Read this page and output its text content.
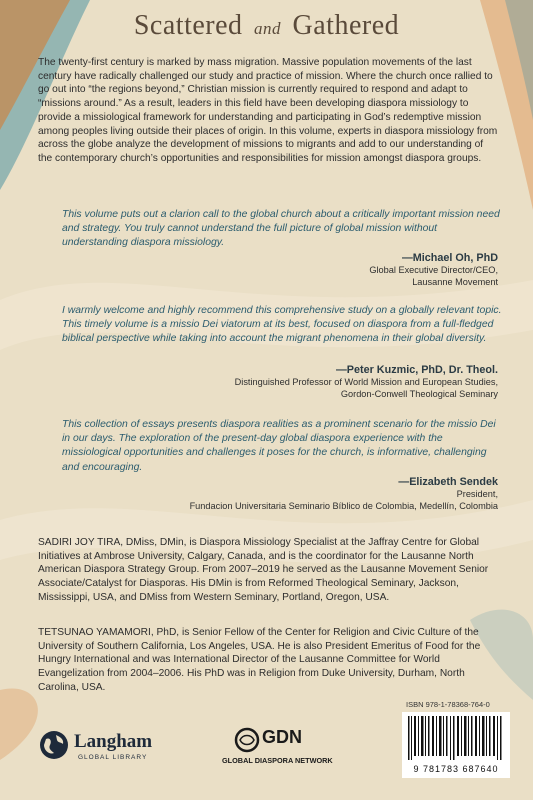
Scattered and Gathered
The twenty-first century is marked by mass migration. Massive population movements of the last century have radically challenged our study and practice of mission. Where the church once rallied to go out into “the regions beyond,” Christian mission is currently required to respond and adapt to “missions around.” As a result, leaders in this field have been developing diaspora missiology to provide a missiological framework for understanding and participating in God’s redemptive mission among peoples living outside their places of origin. In this volume, experts in diaspora missiology from across the globe analyze the development of missions to migrants and add to our understanding of the contemporary church’s opportunities and responsibilities for mission amongst diaspora groups.
This volume puts out a clarion call to the global church about a critically important mission need and strategy. You truly cannot understand the full picture of global mission without understanding diaspora missiology.
—Michael Oh, PhD
Global Executive Director/CEO,
Lausanne Movement
I warmly welcome and highly recommend this comprehensive study on a globally relevant topic. This timely volume is a missio Dei viatorum at its best, focused on diaspora from a full-fledged biblical perspective while taking into account the migrant phenomena in their global diversity.
—Peter Kuzmic, PhD, Dr. Theol.
Distinguished Professor of World Mission and European Studies,
Gordon-Conwell Theological Seminary
This collection of essays presents diaspora realities as a prominent scenario for the missio Dei in our days. The exploration of the present-day global diaspora experience with the missiological opportunities and challenges it poses for the church, is informative, challenging and encouraging.
—Elizabeth Sendek
President,
Fundacion Universitaria Seminario Bíblico de Colombia, Medellín, Colombia
SADIRI JOY TIRA, DMiss, DMin, is Diaspora Missiology Specialist at the Jaffray Centre for Global Initiatives at Ambrose University, Calgary, Canada, and is the coordinator for the Lausanne North American Diaspora Strategy Group. From 2007–2019 he served as the Lausanne Movement Senior Associate/Catalyst for Diasporas. His DMin is from Reformed Theological Seminary, Jackson, Mississippi, USA, and DMiss from Western Seminary, Portland, Oregon, USA.
TETSUNAO YAMAMORI, PhD, is Senior Fellow of the Center for Religion and Civic Culture of the University of Southern California, Los Angeles, USA. He is also President Emeritus of Food for the Hungry International and was International Director of the Lausanne Committee for World Evangelization from 2004–2006. His PhD was in Religion from Duke University, Durham, North Carolina, USA.
Langham
GLOBAL LIBRARY
GDN
GLOBAL DIASPORA NETWORK
ISBN 978-1-78368-764-0
9 781783 687640
